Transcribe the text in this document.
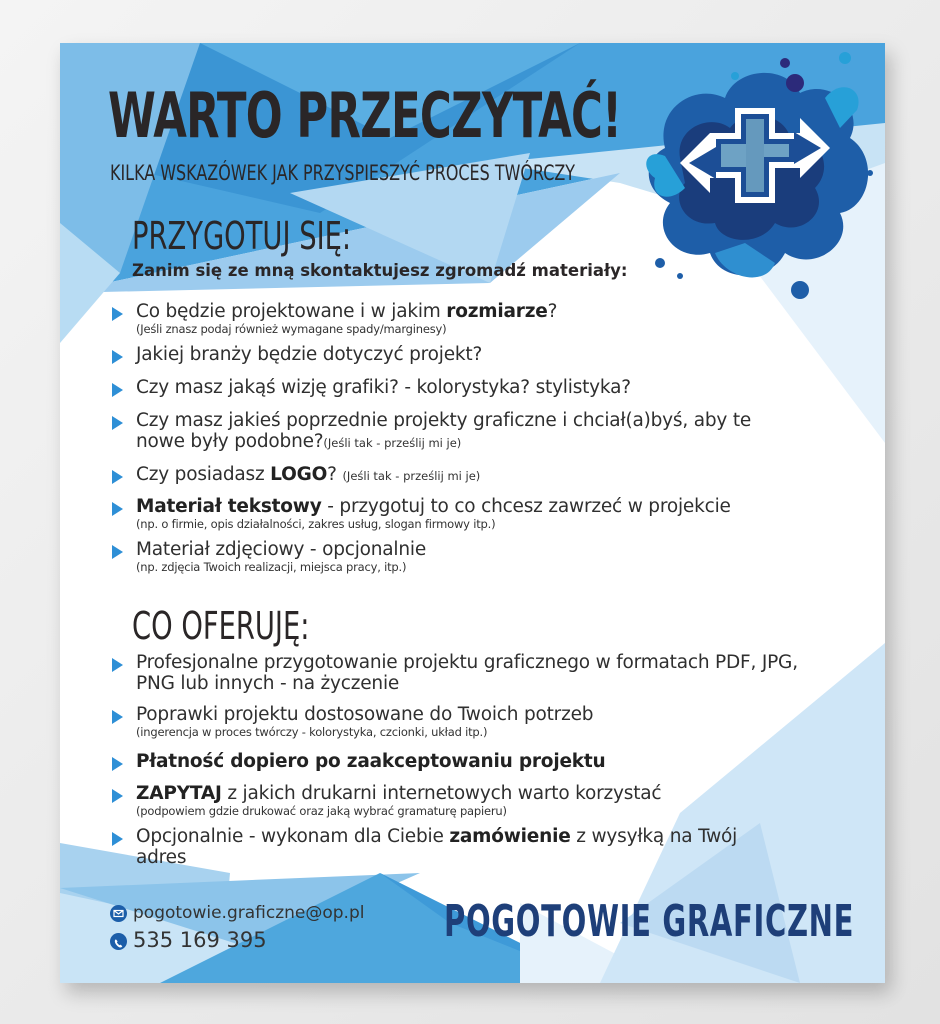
WARTO PRZECZYTAĆ!
KILKA WSKAZÓWEK JAK PRZYSPIESZYĆ PROCES TWÓRCZY
PRZYGOTUJ SIĘ:
Zanim się ze mną skontaktujesz zgromadź materiały:
Co będzie projektowane i w jakim rozmiarze?
(Jeśli znasz podaj również wymagane spady/marginesy)
Jakiej branży będzie dotyczyć projekt?
Czy masz jakąś wizję grafiki? - kolorystyka? stylistyka?
Czy masz jakieś poprzednie projekty graficzne i chciał(a)byś, aby te nowe były podobne?(Jeśli tak - prześlij mi je)
Czy posiadasz LOGO? (Jeśli tak - prześlij mi je)
Materiał tekstowy - przygotuj to co chcesz zawrzeć w projekcie
(np. o firmie, opis działalności, zakres usług, slogan firmowy itp.)
Materiał zdjęciowy - opcjonalnie
(np. zdjęcia Twoich realizacji, miejsca pracy, itp.)
CO OFERUJĘ:
Profesjonalne przygotowanie projektu graficznego w formatach PDF, JPG, PNG lub innych - na życzenie
Poprawki projektu dostosowane do Twoich potrzeb
(ingerencja w proces twórczy - kolorystyka, czcionki, układ itp.)
Płatność dopiero po zaakceptowaniu projektu
ZAPYTAJ z jakich drukarni internetowych warto korzystać
(podpowiem gdzie drukować oraz jaką wybrać gramaturę papieru)
Opcjonalnie - wykonam dla Ciebie zamówienie z wysyłką na Twój adres
pogotowie.graficzne@op.pl
535 169 395	POGOTOWIE GRAFICZNE
